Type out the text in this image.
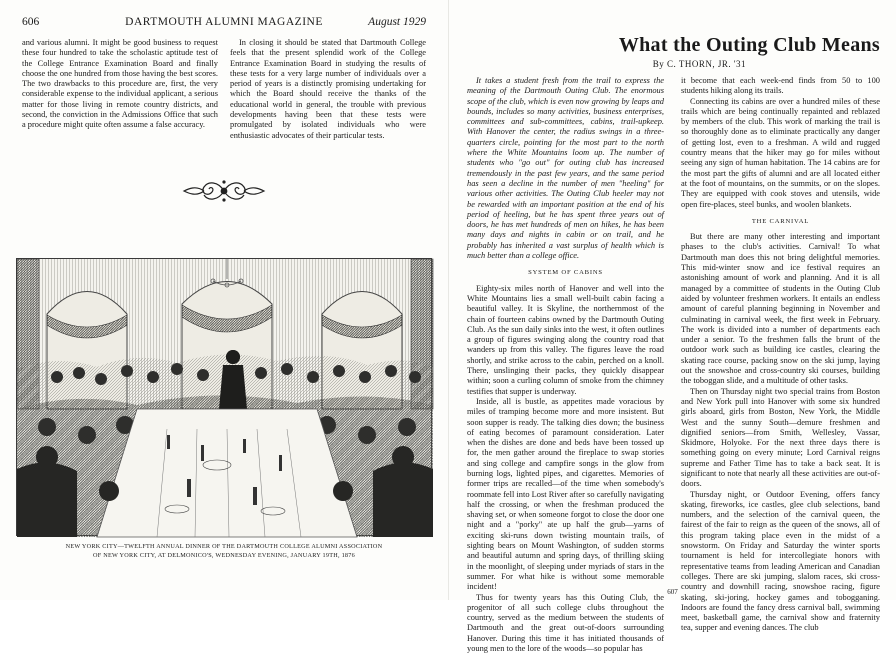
606	DARTMOUTH ALUMNI MAGAZINE	August 1929

and various alumni. It might be good business to request these four hundred to take the scholastic aptitude test of the College Entrance Examination Board and finally choose the one hundred from those having the best scores. The two drawbacks to this procedure are, first, the very considerable expense to the individual applicant, a serious matter for those living in remote country districts, and second, the conviction in the Admissions Office that such a procedure might quite often assume a false accuracy.

In closing it should be stated that Dartmouth College feels that the present splendid work of the College Entrance Examination Board in studying the results of these tests for a very large number of individuals over a period of years is a distinctly promising undertaking for which the Board should receive the thanks of the educational world in general, the trouble with previous developments having been that these tests were promulgated by isolated individuals who were enthusiastic advocates of their particular tests.

NEW YORK CITY—TWELFTH ANNUAL DINNER OF THE DARTMOUTH COLLEGE ALUMNI ASSOCIATION
OF NEW YORK CITY, AT DELMONICO'S, WEDNESDAY EVENING, JANUARY 19TH, 1876
What the Outing Club Means
By C. THORN, JR. '31

It takes a student fresh from the trail to express the meaning of the Dartmouth Outing Club. The enormous scope of the club, which is even now growing by leaps and bounds, includes so many activities, business enterprises, committees and sub-committees, cabins, trail-upkeep. With Hanover the center, the radius swings in a three-quarters circle, pointing for the most part to the north where the White Mountains loom up. The number of students who "go out" for outing club has increased tremendously in the past few years, and the same period has seen a decline in the number of men "heeling" for various other activities. The Outing Club heeler may not be rewarded with an important position at the end of his period of heeling, but he has spent three years out of doors, he has met hundreds of men on hikes, he has been many days and nights in cabin or on trail, and he probably has inherited a vast surplus of health which is much better than a college office.

SYSTEM OF CABINS

Eighty-six miles north of Hanover and well into the White Mountains lies a small well-built cabin facing a beautiful valley. It is Skyline, the northernmost of the chain of fourteen cabins owned by the Dartmouth Outing Club. As the sun daily sinks into the west, it often outlines a group of figures swinging along the country road that wanders up from this valley. The figures leave the road shortly, and strike across to the cabin, perched on a knoll. There, unslinging their packs, they quickly disappear within; soon a curling column of smoke from the chimney testifies that supper is underway.

Inside, all is bustle, as appetites made voracious by miles of tramping become more and more insistent. But soon supper is ready. The talking dies down; the business of eating becomes of paramount consideration. Later when the dishes are done and beds have been tossed up for, the men gather around the fireplace to swap stories and sing college and campfire songs in the glow from burning logs, lighted pipes, and cigarettes. Memories of former trips are recalled—of the time when somebody's roommate fell into Lost River after so carefully navigating half the crossing, or when the freshman produced the shaving set, or when someone forgot to close the door one night and a "porky" ate up half the grub—yarns of exciting ski-runs down twisting mountain trails, of sighting bears on Mount Washington, of sudden storms and beautiful autumn and spring days, of thrilling skiing in the moonlight, of sleeping under myriads of stars in the summer. For what hike is without some memorable incident!

Thus for twenty years has this Outing Club, the progenitor of all such college clubs throughout the country, served as the medium between the students of Dartmouth and the great out-of-doors surrounding Hanover. During this time it has initiated thousands of young men to the lore of the woods—so popular has

it become that each week-end finds from 50 to 100 students hiking along its trails.

Connecting its cabins are over a hundred miles of these trails which are being continually repainted and reblazed by members of the club. This work of marking the trail is so thoroughly done as to eliminate practically any danger of getting lost, even to a freshman. A wild and rugged country means that the hiker may go for miles without seeing any sign of human habitation. The 14 cabins are for the most part the gifts of alumni and are all located either at the foot of mountains, on the summits, or on the slopes. They are equipped with cook stoves and utensils, wide open fire-places, steel bunks, and woolen blankets.

THE CARNIVAL

But there are many other interesting and important phases to the club's activities. Carnival! To what Dartmouth man does this not bring delightful memories. This mid-winter snow and ice festival requires an astonishing amount of work and planning. And it is all managed by a committee of students in the Outing Club aided by volunteer freshmen workers. It entails an endless amount of careful planning beginning in November and culminating in carnival week, the first week in February. The work is divided into a number of departments each under a senior. To the freshmen falls the brunt of the outdoor work such as building ice castles, clearing the skating race course, packing snow on the ski jump, laying out the snowshoe and cross-country ski courses, building the toboggan slide, and a multitude of other tasks.

Then on Thursday night two special trains from Boston and New York pull into Hanover with some six hundred girls aboard, girls from Boston, New York, the Middle West and the sunny South—demure freshmen and dignified seniors—from Smith, Wellesley, Vassar, Skidmore, Holyoke. For the next three days there is something going on every minute; Lord Carnival reigns supreme and Father Time has to take a back seat. It is significant to note that nearly all these activities are out-of-doors.

Thursday night, or Outdoor Evening, offers fancy skating, fireworks, ice castles, glee club selections, band numbers, and the selection of the carnival queen, the fairest of the fair to reign as the queen of the snows, all of this program taking place even in the midst of a snowstorm. On Friday and Saturday the winter sports tournament is held for intercollegiate honors with representative teams from leading American and Canadian colleges. There are ski jumping, slalom races, ski cross-country and downhill racing, snowshoe racing, figure skating, ski-joring, hockey games and tobogganing. Indoors are found the fancy dress carnival ball, swimming meet, basketball game, the carnival show and fraternity tea, supper and evening dances. The club

607
